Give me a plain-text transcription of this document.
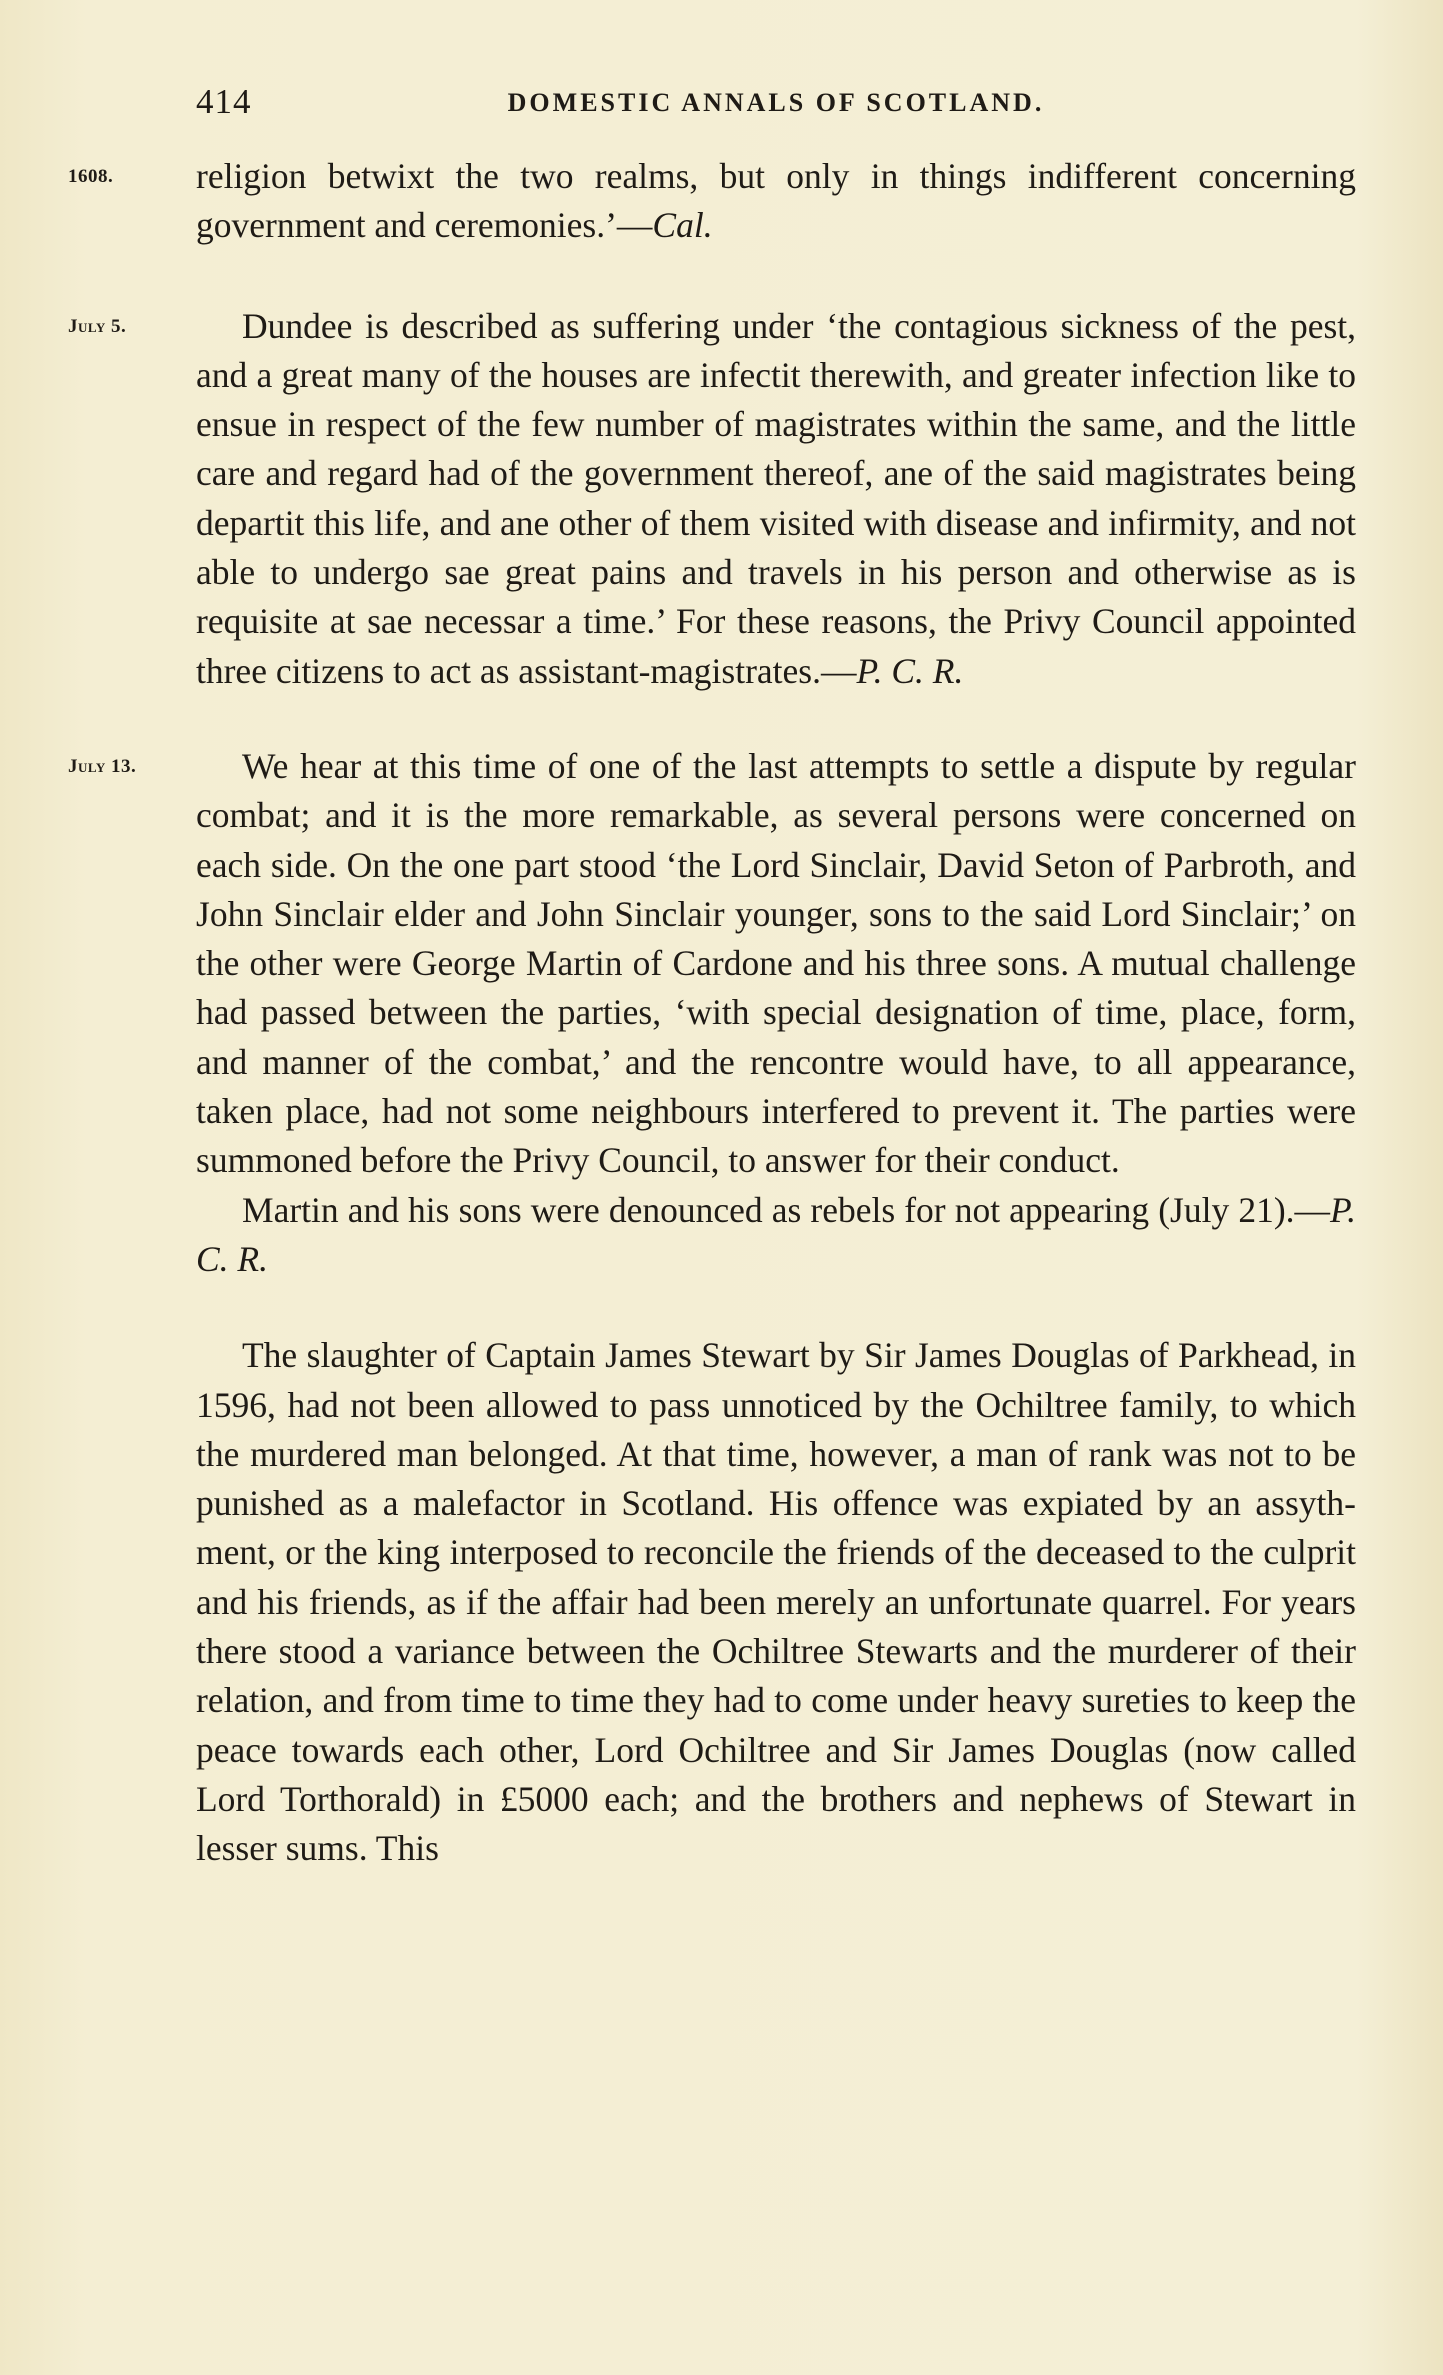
414	DOMESTIC ANNALS OF SCOTLAND.
1608.	religion betwixt the two realms, but only in things indifferent concerning government and ceremonies.’—Cal.

July 5.	Dundee is described as suffering under ‘the contagious sickness of the pest, and a great many of the houses are infectit therewith, and greater infection like to ensue in respect of the few number of magistrates within the same, and the little care and regard had of the government thereof, ane of the said magistrates being departit this life, and ane other of them visited with disease and infirmity, and not able to undergo sae great pains and travels in his person and otherwise as is requisite at sae necessar a time.’ For these reasons, the Privy Council appointed three citizens to act as assistant-magistrates.—P. C. R.

July 13.	We hear at this time of one of the last attempts to settle a dispute by regular combat; and it is the more remarkable, as several persons were concerned on each side. On the one part stood ‘the Lord Sinclair, David Seton of Parbroth, and John Sinclair elder and John Sinclair younger, sons to the said Lord Sinclair;’ on the other were George Martin of Cardone and his three sons. A mutual challenge had passed between the parties, ‘with special designation of time, place, form, and manner of the combat,’ and the rencontre would have, to all appearance, taken place, had not some neighbours interfered to prevent it. The parties were summoned before the Privy Council, to answer for their conduct.

Martin and his sons were denounced as rebels for not appearing (July 21).—P. C. R.

The slaughter of Captain James Stewart by Sir James Douglas of Parkhead, in 1596, had not been allowed to pass unnoticed by the Ochiltree family, to which the murdered man belonged. At that time, however, a man of rank was not to be punished as a malefactor in Scotland. His offence was expiated by an assyth-ment, or the king interposed to reconcile the friends of the deceased to the culprit and his friends, as if the affair had been merely an unfortunate quarrel. For years there stood a variance between the Ochiltree Stewarts and the murderer of their relation, and from time to time they had to come under heavy sureties to keep the peace towards each other, Lord Ochiltree and Sir James Douglas (now called Lord Torthorald) in £5000 each; and the brothers and nephews of Stewart in lesser sums. This
